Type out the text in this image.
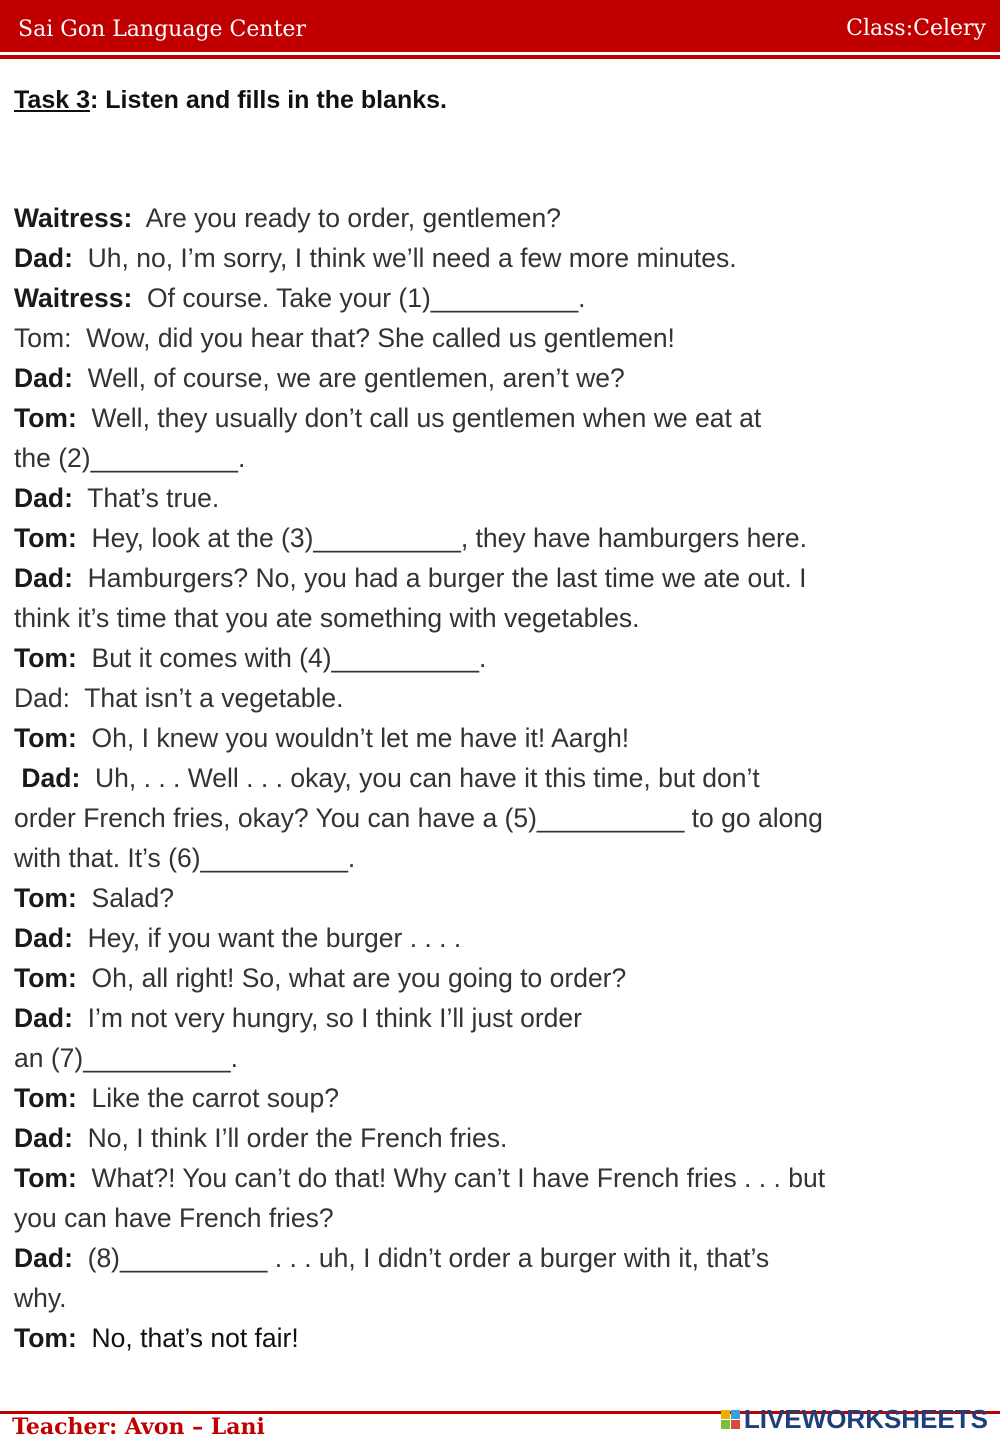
Sai Gon Language Center	Class:Celery
Task 3: Listen and fills in the blanks.
Waitress:  Are you ready to order, gentlemen?
Dad:  Uh, no, I’m sorry, I think we’ll need a few more minutes.
Waitress:  Of course. Take your (1)__________.
Tom:  Wow, did you hear that? She called us gentlemen!
Dad:  Well, of course, we are gentlemen, aren’t we?
Tom:  Well, they usually don’t call us gentlemen when we eat at
the (2)__________.
Dad:  That’s true.
Tom:  Hey, look at the (3)__________, they have hamburgers here.
Dad:  Hamburgers? No, you had a burger the last time we ate out. I
think it’s time that you ate something with vegetables.
Tom:  But it comes with (4)__________.
Dad:  That isn’t a vegetable.
Tom:  Oh, I knew you wouldn’t let me have it! Aargh!
Dad:  Uh, . . . Well . . . okay, you can have it this time, but don’t
order French fries, okay? You can have a (5)__________ to go along
with that. It’s (6)__________.
Tom:  Salad?
Dad:  Hey, if you want the burger . . . .
Tom:  Oh, all right! So, what are you going to order?
Dad:  I’m not very hungry, so I think I’ll just order
an (7)__________.
Tom:  Like the carrot soup?
Dad:  No, I think I’ll order the French fries.
Tom:  What?! You can’t do that! Why can’t I have French fries . . . but
you can have French fries?
Dad:  (8)__________ . . . uh, I didn’t order a burger with it, that’s
why.
Tom:  No, that’s not fair!
Teacher: Avon – Lani	LIVEWORKSHEETS
